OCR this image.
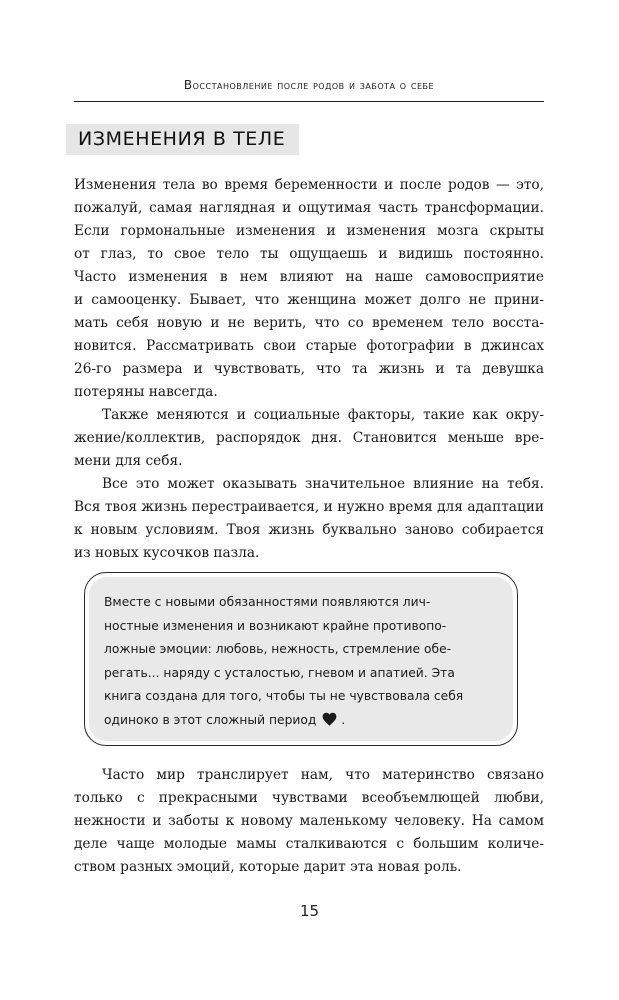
Восстановление после родов и забота о себе
ИЗМЕНЕНИЯ В ТЕЛЕ
Изменения тела во время беременности и после родов — это,
пожалуй, самая наглядная и ощутимая часть трансформации.
Если гормональные изменения и изменения мозга скрыты
от глаз, то свое тело ты ощущаешь и видишь постоянно.
Часто изменения в нем влияют на наше самовосприятие
и самооценку. Бывает, что женщина может долго не прини-
мать себя новую и не верить, что со временем тело восста-
новится. Рассматривать свои старые фотографии в джинсах
26-го размера и чувствовать, что та жизнь и та девушка
потеряны навсегда.
Также меняются и социальные факторы, такие как окру-
жение/коллектив, распорядок дня. Становится меньше вре-
мени для себя.
Все это может оказывать значительное влияние на тебя.
Вся твоя жизнь перестраивается, и нужно время для адаптации
к новым условиям. Твоя жизнь буквально заново собирается
из новых кусочков пазла.
Вместе с новыми обязанностями появляются лич-
ностные изменения и возникают крайне противопо-
ложные эмоции: любовь, нежность, стремление обе-
регать... наряду с усталостью, гневом и апатией. Эта
книга создана для того, чтобы ты не чувствовала себя
одиноко в этот сложный период .
Часто мир транслирует нам, что материнство связано
только с прекрасными чувствами всеобъемлющей любви,
нежности и заботы к новому маленькому человеку. На самом
деле чаще молодые мамы сталкиваются с большим количе-
ством разных эмоций, которые дарит эта новая роль.
15
